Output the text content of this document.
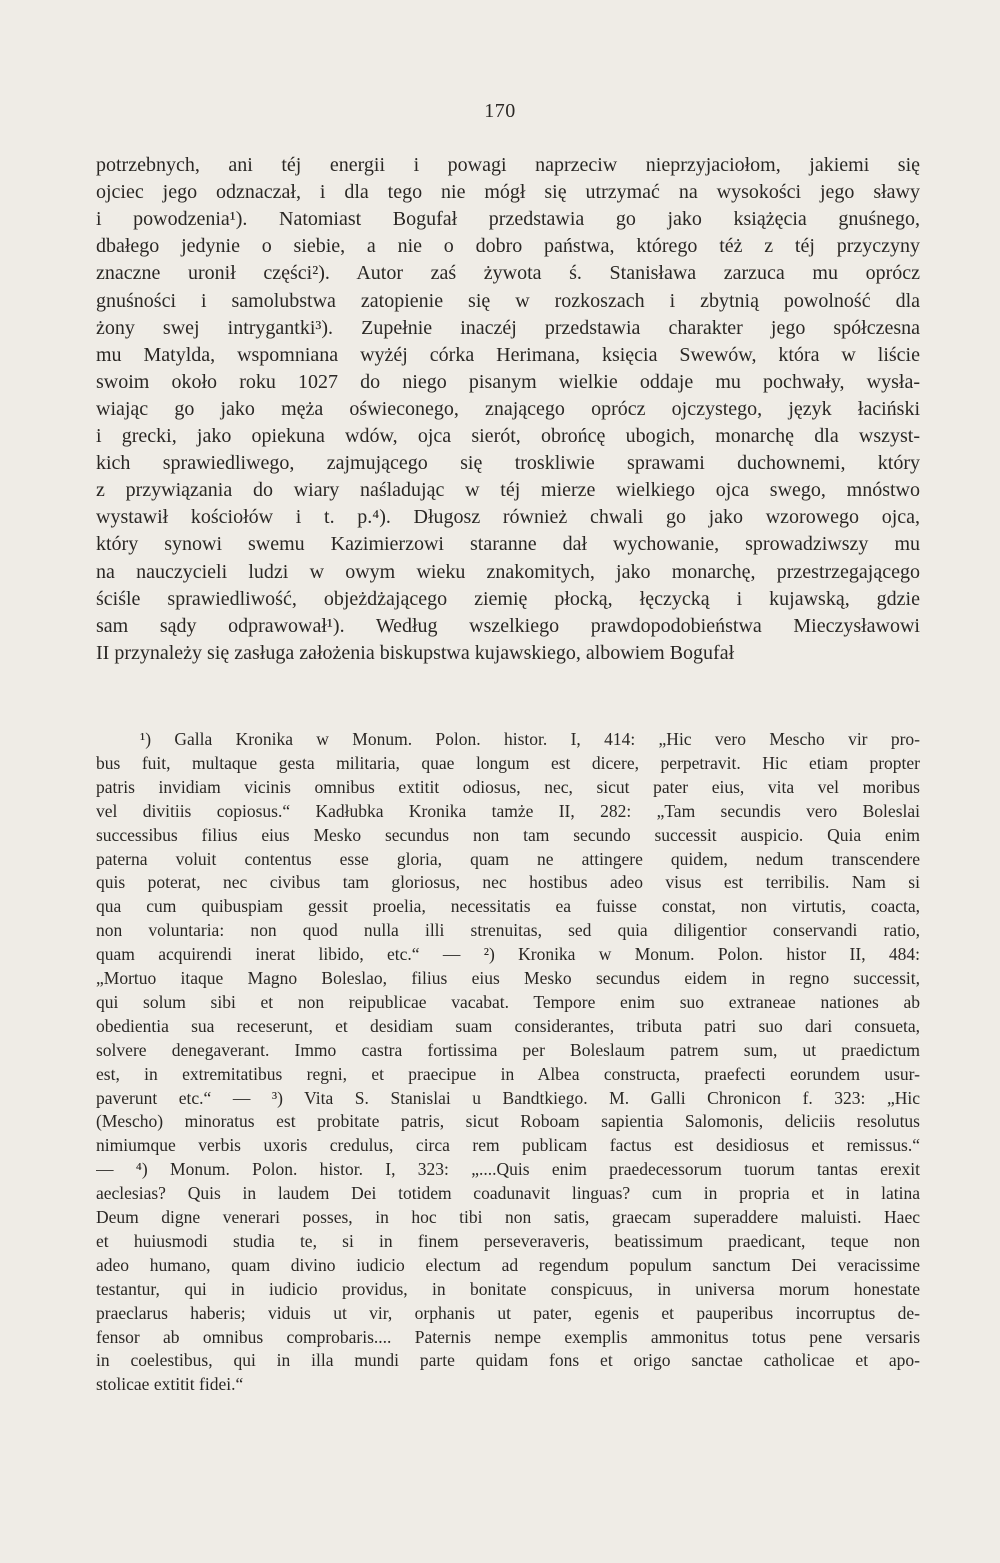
170
potrzebnych, ani téj energii i powagi naprzeciw nieprzyjaciołom, jakiemi się
ojciec jego odznaczał, i dla tego nie mógł się utrzymać na wysokości jego sławy
i powodzenia¹). Natomiast Bogufał przedstawia go jako książęcia gnuśnego,
dbałego jedynie o siebie, a nie o dobro państwa, którego téż z téj przyczyny
znaczne uronił części²). Autor zaś żywota ś. Stanisława zarzuca mu oprócz
gnuśności i samolubstwa zatopienie się w rozkoszach i zbytnią powolność dla
żony swej intrygantki³). Zupełnie inaczéj przedstawia charakter jego spółczesna
mu Matylda, wspomniana wyżéj córka Herimana, księcia Swewów, która w liście
swoim około roku 1027 do niego pisanym wielkie oddaje mu pochwały, wysła-
wiając go jako męża oświeconego, znającego oprócz ojczystego, język łaciński
i grecki, jako opiekuna wdów, ojca sierót, obrońcę ubogich, monarchę dla wszyst-
kich sprawiedliwego, zajmującego się troskliwie sprawami duchownemi, który
z przywiązania do wiary naśladując w téj mierze wielkiego ojca swego, mnóstwo
wystawił kościołów i t. p.⁴). Długosz również chwali go jako wzorowego ojca,
który synowi swemu Kazimierzowi staranne dał wychowanie, sprowadziwszy mu
na nauczycieli ludzi w owym wieku znakomitych, jako monarchę, przestrzegającego
ściśle sprawiedliwość, objeżdżającego ziemię płocką, łęczycką i kujawską, gdzie
sam sądy odprawował¹). Według wszelkiego prawdopodobieństwa Mieczysławowi
II przynależy się zasługa założenia biskupstwa kujawskiego, albowiem Bogufał
¹) Galla Kronika w Monum. Polon. histor. I, 414: „Hic vero Mescho vir pro-
bus fuit, multaque gesta militaria, quae longum est dicere, perpetravit. Hic etiam propter
patris invidiam vicinis omnibus extitit odiosus, nec, sicut pater eius, vita vel moribus
vel divitiis copiosus.“ Kadłubka Kronika tamże II, 282: „Tam secundis vero Boleslai
successibus filius eius Mesko secundus non tam secundo successit auspicio. Quia enim
paterna voluit contentus esse gloria, quam ne attingere quidem, nedum transcendere
quis poterat, nec civibus tam gloriosus, nec hostibus adeo visus est terribilis. Nam si
qua cum quibuspiam gessit proelia, necessitatis ea fuisse constat, non virtutis, coacta,
non voluntaria: non quod nulla illi strenuitas, sed quia diligentior conservandi ratio,
quam acquirendi inerat libido, etc.“ — ²) Kronika w Monum. Polon. histor II, 484:
„Mortuo itaque Magno Boleslao, filius eius Mesko secundus eidem in regno successit,
qui solum sibi et non reipublicae vacabat. Tempore enim suo extraneae nationes ab
obedientia sua receserunt, et desidiam suam considerantes, tributa patri suo dari consueta,
solvere denegaverant. Immo castra fortissima per Boleslaum patrem sum, ut praedictum
est, in extremitatibus regni, et praecipue in Albea constructa, praefecti eorundem usur-
paverunt etc.“ — ³) Vita S. Stanislai u Bandtkiego. M. Galli Chronicon f. 323: „Hic
(Mescho) minoratus est probitate patris, sicut Roboam sapientia Salomonis, deliciis resolutus
nimiumque verbis uxoris credulus, circa rem publicam factus est desidiosus et remissus.“
— ⁴) Monum. Polon. histor. I, 323: „....Quis enim praedecessorum tuorum tantas erexit
aeclesias? Quis in laudem Dei totidem coadunavit linguas? cum in propria et in latina
Deum digne venerari posses, in hoc tibi non satis, graecam superaddere maluisti. Haec
et huiusmodi studia te, si in finem perseveraveris, beatissimum praedicant, teque non
adeo humano, quam divino iudicio electum ad regendum populum sanctum Dei veracissime
testantur, qui in iudicio providus, in bonitate conspicuus, in universa morum honestate
praeclarus haberis; viduis ut vir, orphanis ut pater, egenis et pauperibus incorruptus de-
fensor ab omnibus comprobaris.... Paternis nempe exemplis ammonitus totus pene versaris
in coelestibus, qui in illa mundi parte quidam fons et origo sanctae catholicae et apo-
stolicae extitit fidei.“
